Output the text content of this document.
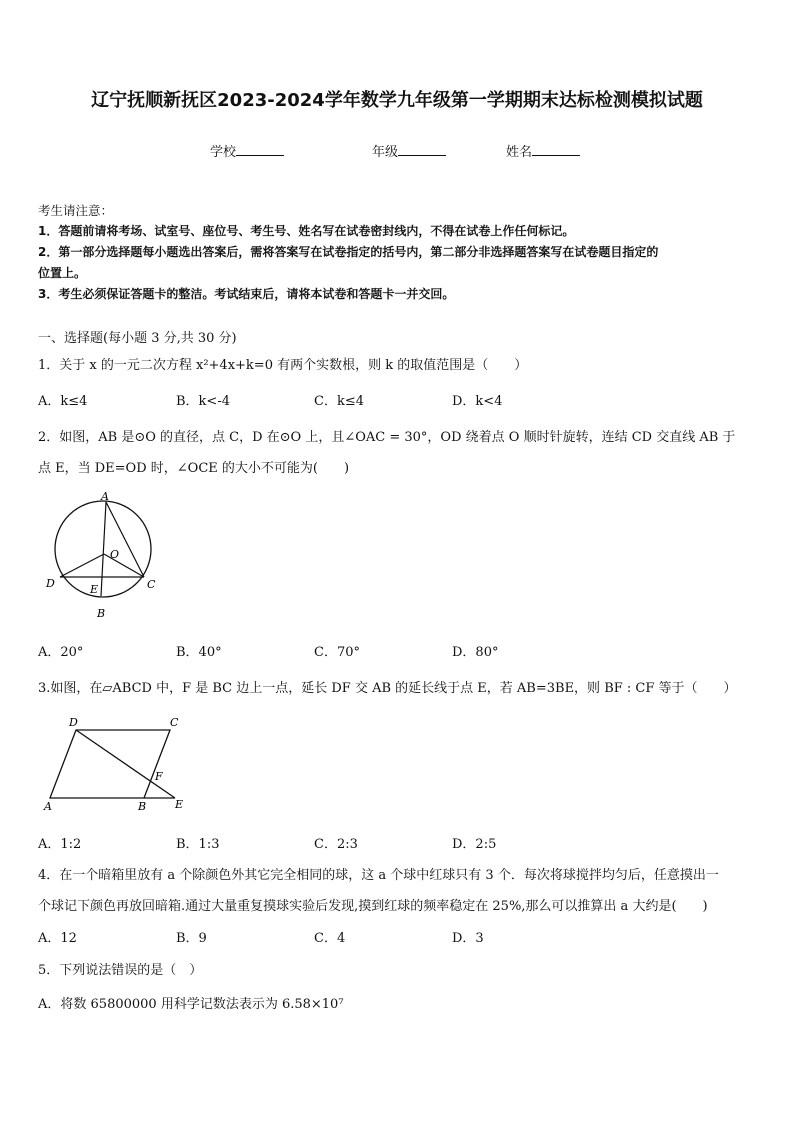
辽宁抚顺新抚区2023-2024学年数学九年级第一学期期末达标检测模拟试题
学校	年级	姓名
考生请注意：
1．答题前请将考场、试室号、座位号、考生号、姓名写在试卷密封线内，不得在试卷上作任何标记。
2．第一部分选择题每小题选出答案后，需将答案写在试卷指定的括号内，第二部分非选择题答案写在试卷题目指定的
位置上。
3．考生必须保证答题卡的整洁。考试结束后，请将本试卷和答题卡一并交回。
一、选择题(每小题 3 分,共 30 分)
1．关于 x 的一元二次方程 x²+4x+k=0 有两个实数根，则 k 的取值范围是（　　）
A．k≤4	B．k<-4	C．k≤4	D．k<4
2．如图，AB 是⊙O 的直径，点 C，D 在⊙O 上，且∠OAC = 30°，OD 绕着点 O 顺时针旋转，连结 CD 交直线 AB 于
点 E，当 DE=OD 时，∠OCE 的大小不可能为(　　)
A
O
D	E	C
B
A．20°	B．40°	C．70°	D．80°
3.如图，在▱ABCD 中，F 是 BC 边上一点，延长 DF 交 AB 的延长线于点 E，若 AB=3BE，则 BF : CF 等于（　　）
D	C
F
A	B	E
A．1:2	B．1:3	C．2:3	D．2:5
4．在一个暗箱里放有 a 个除颜色外其它完全相同的球，这 a 个球中红球只有 3 个．每次将球搅拌均匀后，任意摸出一
个球记下颜色再放回暗箱.通过大量重复摸球实验后发现,摸到红球的频率稳定在 25%,那么可以推算出 a 大约是(　　)
A．12	B．9	C．4	D．3
5．下列说法错误的是（　）
A．将数 65800000 用科学记数法表示为 6.58×10⁷
